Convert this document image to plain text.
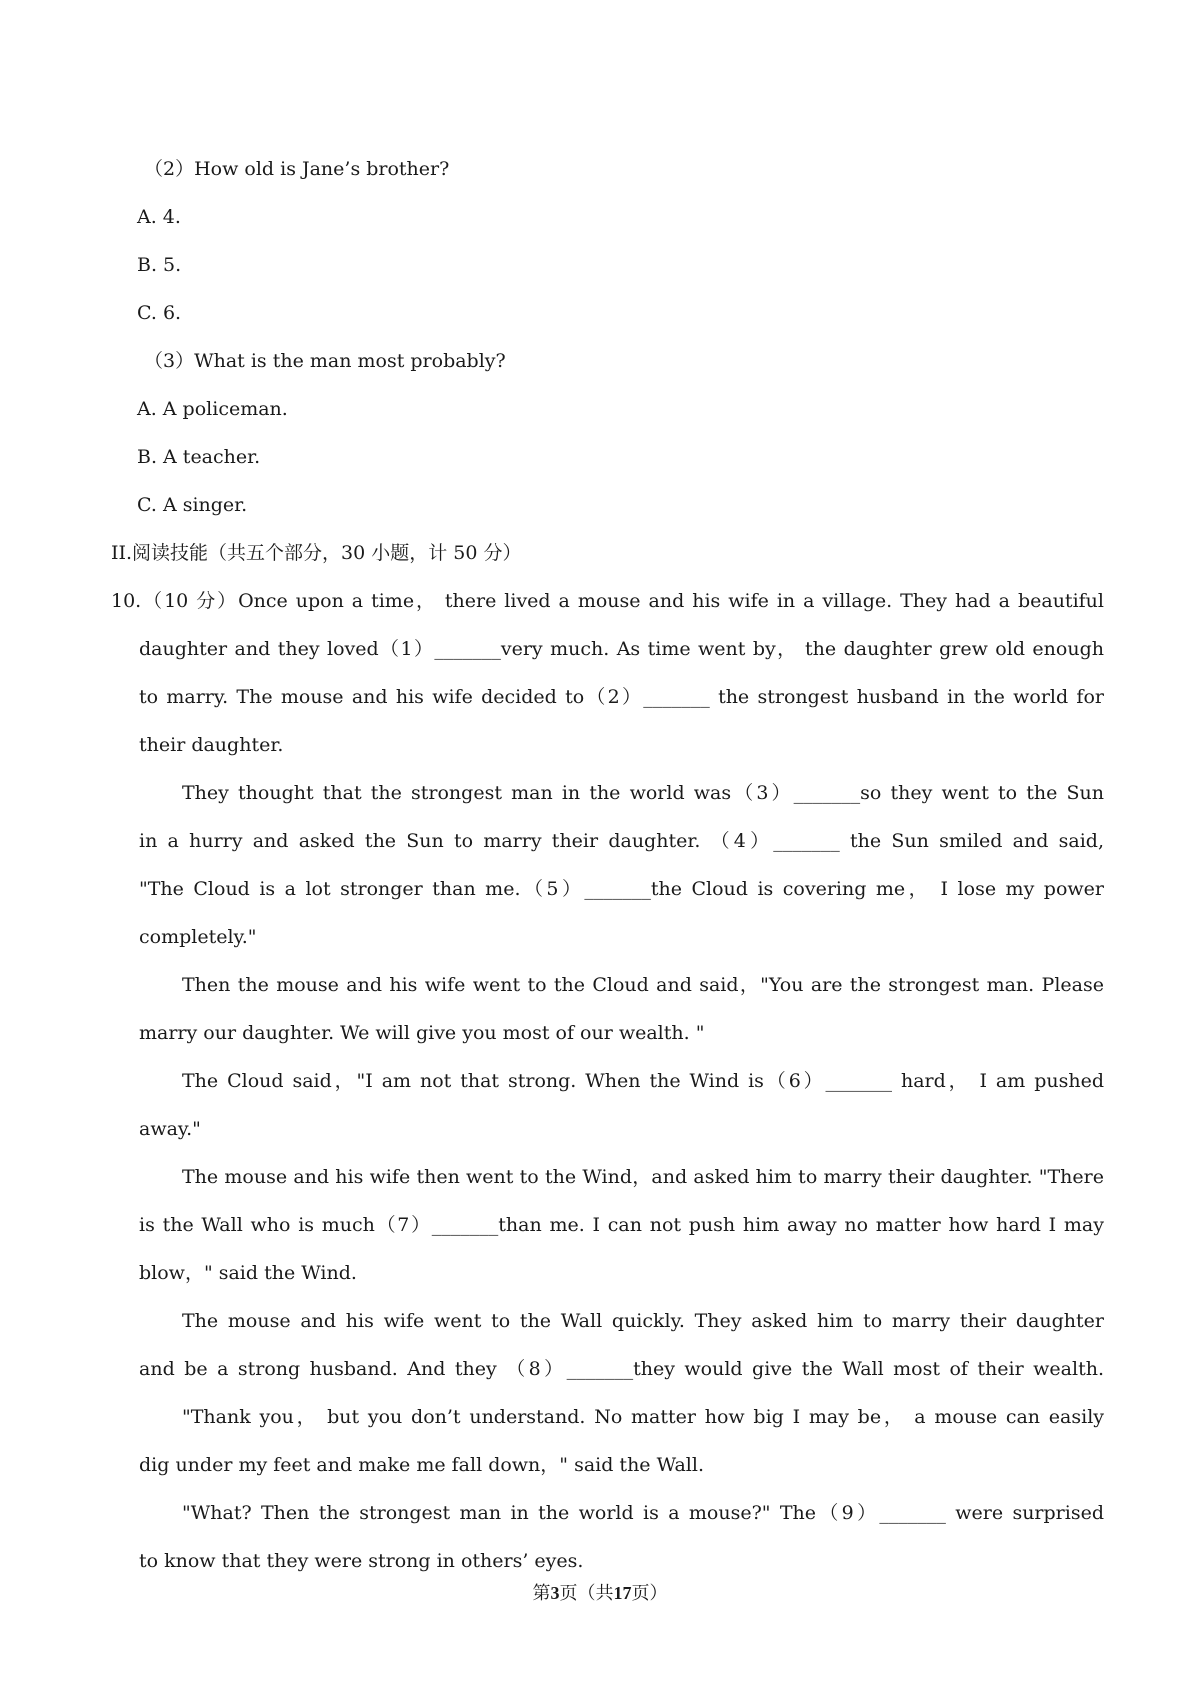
（2）How old is Jane’s brother?
A. 4.
B. 5.
C. 6.
（3）What is the man most probably?
A. A policeman.
B. A teacher.
C. A singer.
II.阅读技能（共五个部分，30 小题，计 50 分）
10.（10 分）Once upon a time， there lived a mouse and his wife in a village. They had a beautiful
daughter and they loved（1）_______very much. As time went by， the daughter grew old enough
to marry. The mouse and his wife decided to（2）_______ the strongest husband in the world for
their daughter.
They thought that the strongest man in the world was（3）_______so they went to the Sun
in a hurry and asked the Sun to marry their daughter. （4）_______ the Sun smiled and said,
"The Cloud is a lot stronger than me.（5）_______the Cloud is covering me， I lose my power
completely."
Then the mouse and his wife went to the Cloud and said，"You are the strongest man. Please
marry our daughter. We will give you most of our wealth. "
The Cloud said，"I am not that strong. When the Wind is（6）_______ hard， I am pushed
away."
The mouse and his wife then went to the Wind，and asked him to marry their daughter. "There
is the Wall who is much（7）_______than me. I can not push him away no matter how hard I may
blow，" said the Wind.
The mouse and his wife went to the Wall quickly. They asked him to marry their daughter
and be a strong husband. And they （8）_______they would give the Wall most of their wealth.
"Thank you， but you don’t understand. No matter how big I may be， a mouse can easily
dig under my feet and make me fall down，" said the Wall.
"What? Then the strongest man in the world is a mouse?" The（9）_______ were surprised
to know that they were strong in others’ eyes.
第3页（共17页）
